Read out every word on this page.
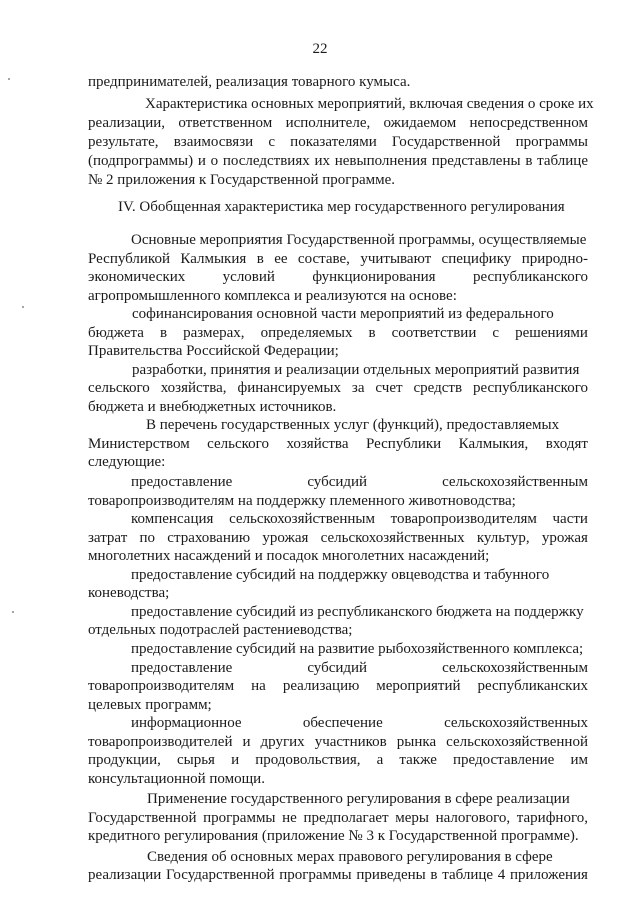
22
предпринимателей, реализация товарного кумыса.
Характеристика основных мероприятий, включая сведения о сроке их
реализации, ответственном исполнителе, ожидаемом непосредственном
результате, взаимосвязи с показателями Государственной программы
(подпрограммы) и о последствиях их невыполнения представлены в таблице
№ 2 приложения к Государственной программе.
IV. Обобщенная характеристика мер государственного регулирования
Основные мероприятия Государственной программы, осуществляемые
Республикой Калмыкия в ее составе, учитывают специфику природно-
экономических условий функционирования республиканского
агропромышленного комплекса и реализуются на основе:
софинансирования основной части мероприятий из федерального
бюджета в размерах, определяемых в соответствии с решениями
Правительства Российской Федерации;
разработки, принятия и реализации отдельных мероприятий развития
сельского хозяйства, финансируемых за счет средств республиканского
бюджета и внебюджетных источников.
В перечень государственных услуг (функций), предоставляемых
Министерством сельского хозяйства Республики Калмыкия, входят
следующие:
предоставление	субсидий	сельскохозяйственным
товаропроизводителям на поддержку племенного животноводства;
компенсация сельскохозяйственным товаропроизводителям части
затрат по страхованию урожая сельскохозяйственных культур, урожая
многолетних насаждений и посадок многолетних насаждений;
предоставление субсидий на поддержку овцеводства и табунного
коневодства;
предоставление субсидий из республиканского бюджета на поддержку
отдельных подотраслей растениеводства;
предоставление субсидий на развитие рыбохозяйственного комплекса;
предоставление	субсидий	сельскохозяйственным
товаропроизводителям на реализацию мероприятий республиканских
целевых программ;
информационное	обеспечение	сельскохозяйственных
товаропроизводителей и других участников рынка сельскохозяйственной
продукции, сырья и продовольствия, а также предоставление им
консультационной помощи.
Применение государственного регулирования в сфере реализации
Государственной программы не предполагает меры налогового, тарифного,
кредитного регулирования (приложение № 3 к Государственной программе).
Сведения об основных мерах правового регулирования в сфере
реализации Государственной программы приведены в таблице 4 приложения
